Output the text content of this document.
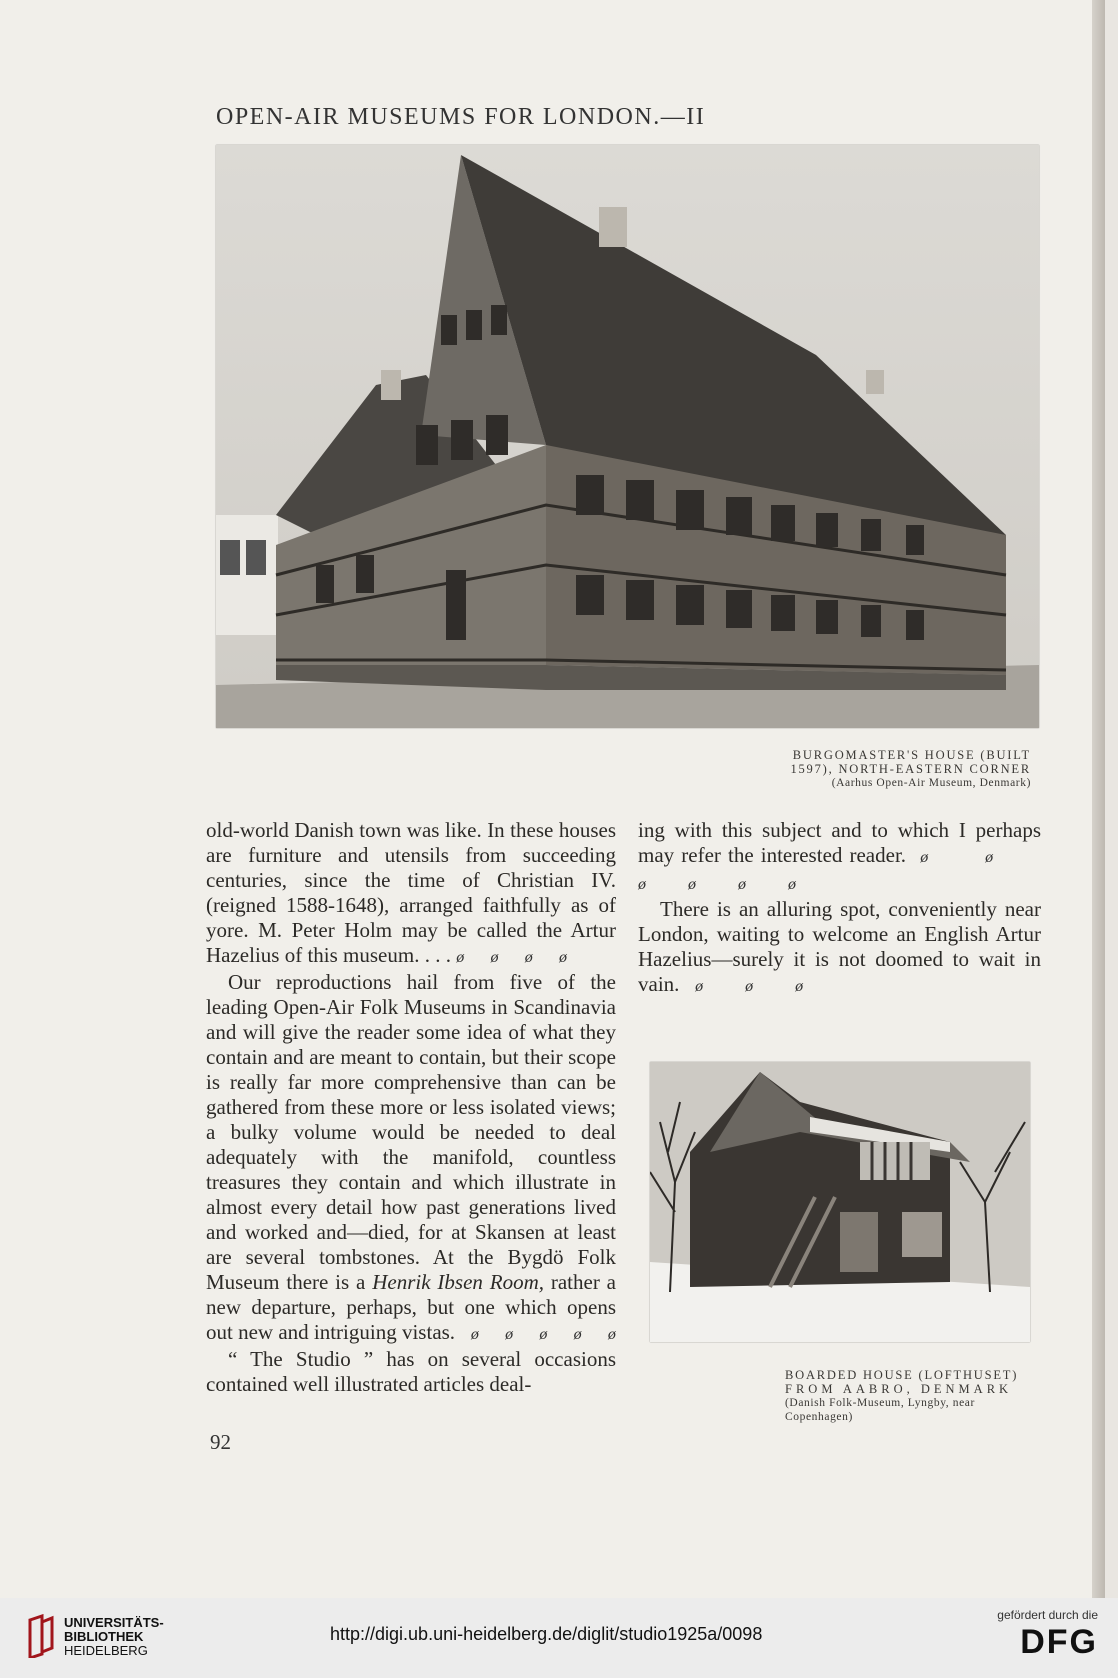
OPEN-AIR MUSEUMS FOR LONDON.—II
BURGOMASTER'S HOUSE (BUILT
1597), NORTH-EASTERN CORNER
(Aarhus Open-Air Museum, Denmark)

old-world Danish town was like. In these houses are furniture and utensils from succeeding centuries, since the time of Christian IV. (reigned 1588-1648), arranged faithfully as of yore. M. Peter Holm may be called the Artur Hazelius of this museum. . . . ø ø ø ø

Our reproductions hail from five of the leading Open-Air Folk Museums in Scandinavia and will give the reader some idea of what they contain and are meant to contain, but their scope is really far more comprehensive than can be gathered from these more or less isolated views; a bulky volume would be needed to deal adequately with the manifold, countless treasures they contain and which illustrate in almost every detail how past generations lived and worked and—died, for at Skansen at least are several tombstones. At the Bygdö Folk Museum there is a Henrik Ibsen Room, rather a new departure, perhaps, but one which opens out new and intriguing vistas. ø ø ø ø ø

“ The Studio ” has on several occasions contained well illustrated articles deal-

92

ing with this subject and to which I perhaps may refer the interested reader. ø	ø        ø	ø	ø	ø

There is an alluring spot, conveniently near London, waiting to welcome an English Artur Hazelius—surely it is not doomed to wait in vain. ø	ø	ø

BOARDED HOUSE (LOFTHUSET)
FROM AABRO, DENMARK
(Danish Folk-Museum, Lyngby, near
Copenhagen)
UNIVERSITÄTS-
BIBLIOTHEK
HEIDELBERG
http://digi.ub.uni-heidelberg.de/diglit/studio1925a/0098
gefördert durch die
DFG
